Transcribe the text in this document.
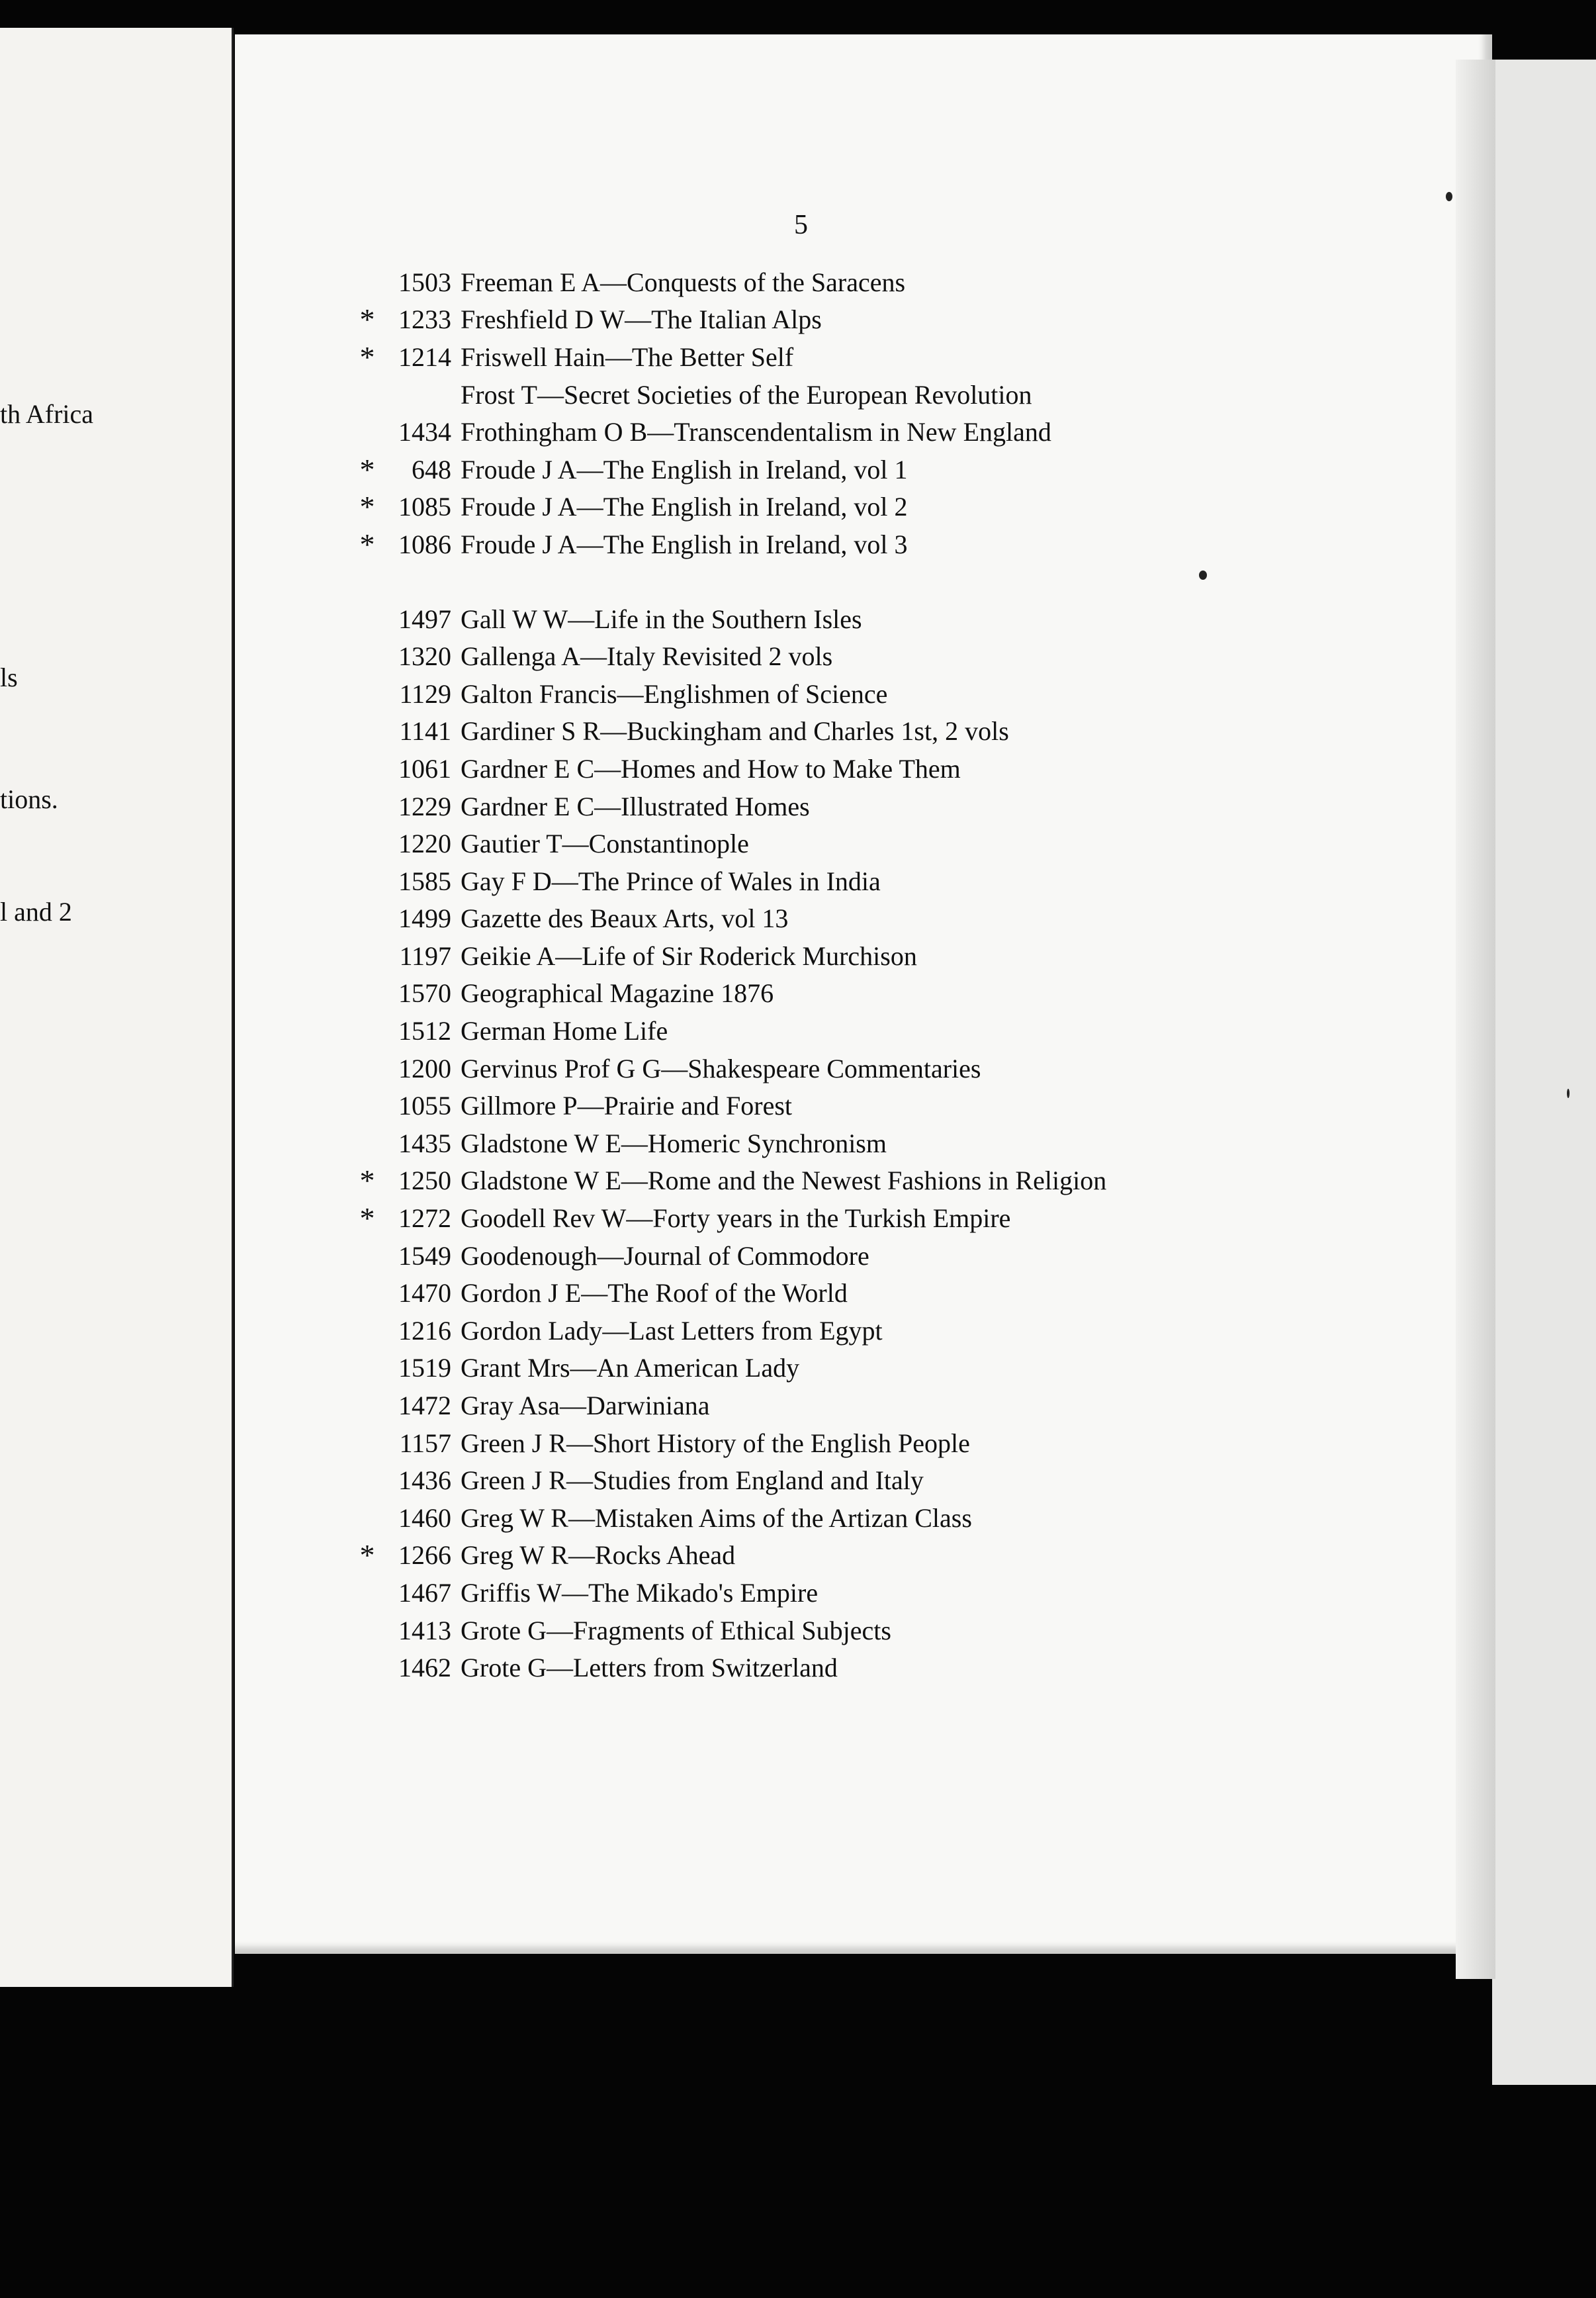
th Africa
ls
tions.
l and 2
5
1503 Freeman E A—Conquests of the Saracens
* 1233 Freshfield D W—The Italian Alps
* 1214 Friswell Hain—The Better Self
Frost T—Secret Societies of the European Revolution
1434 Frothingham O B—Transcendentalism in New England
*	648 Froude J A—The English in Ireland, vol 1
* 1085 Froude J A—The English in Ireland, vol 2
* 1086 Froude J A—The English in Ireland, vol 3
1497 Gall W W—Life in the Southern Isles
1320 Gallenga A—Italy Revisited 2 vols
1129 Galton Francis—Englishmen of Science
1141 Gardiner S R—Buckingham and Charles 1st, 2 vols
1061 Gardner E C—Homes and How to Make Them
1229 Gardner E C—Illustrated Homes
1220 Gautier T—Constantinople
1585 Gay F D—The Prince of Wales in India
1499 Gazette des Beaux Arts, vol 13
1197 Geikie A—Life of Sir Roderick Murchison
1570 Geographical Magazine 1876
1512 German Home Life
1200 Gervinus Prof G G—Shakespeare Commentaries
1055 Gillmore P—Prairie and Forest
1435 Gladstone W E—Homeric Synchronism
* 1250 Gladstone W E—Rome and the Newest Fashions in Religion
* 1272 Goodell Rev W—Forty years in the Turkish Empire
1549 Goodenough—Journal of Commodore
1470 Gordon J E—The Roof of the World
1216 Gordon Lady—Last Letters from Egypt
1519 Grant Mrs—An American Lady
1472 Gray Asa—Darwiniana
1157 Green J R—Short History of the English People
1436 Green J R—Studies from England and Italy
1460 Greg W R—Mistaken Aims of the Artizan Class
* 1266 Greg W R—Rocks Ahead
1467 Griffis W—The Mikado's Empire
1413 Grote G—Fragments of Ethical Subjects
1462 Grote G—Letters from Switzerland
